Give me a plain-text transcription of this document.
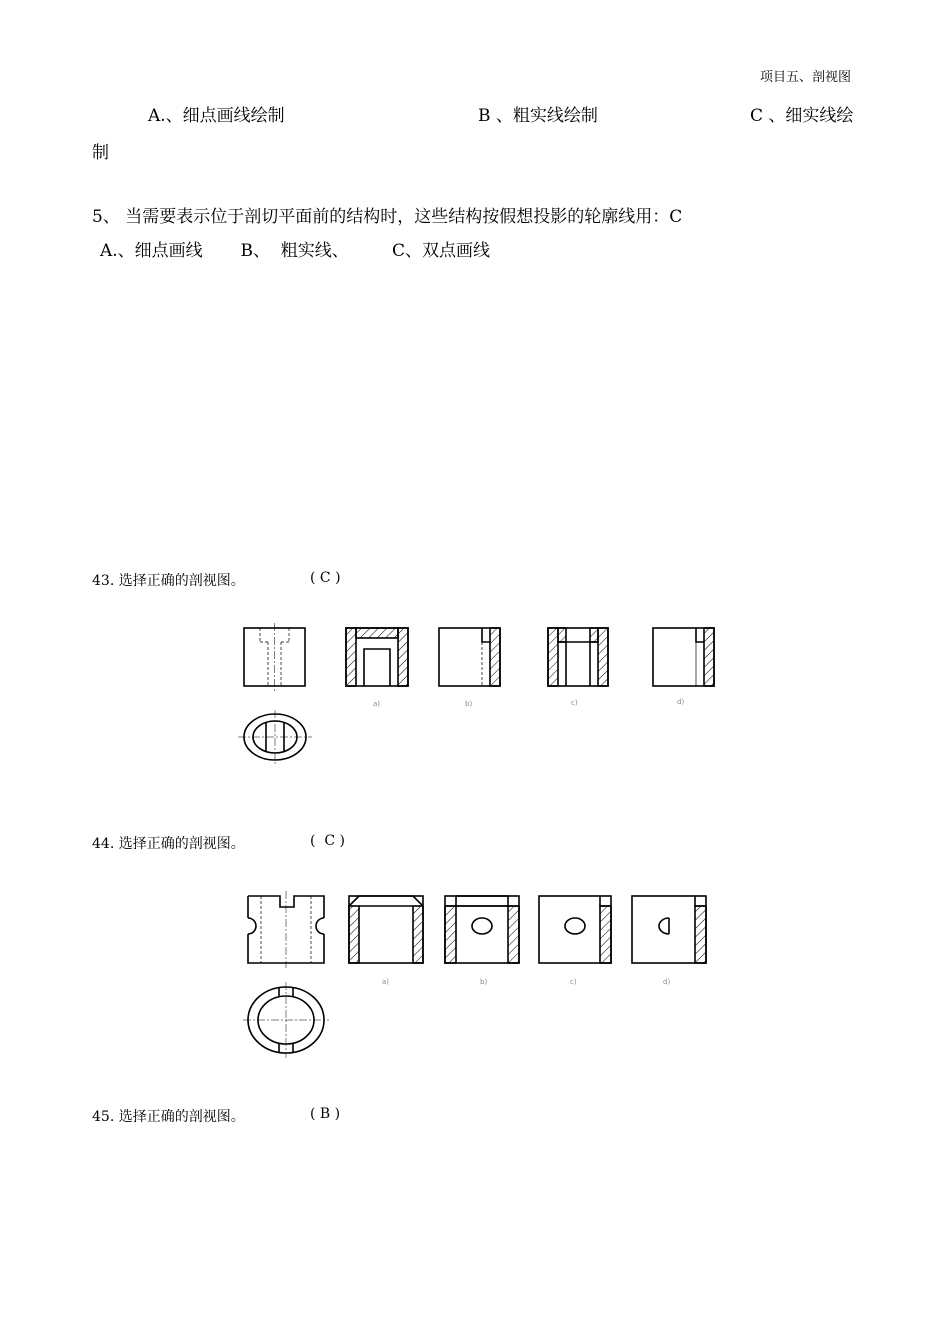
项目五、剖视图
A.、细点画线绘制	B 、粗实线绘制	C 、细实线绘
制
5、 当需要表示位于剖切平面前的结构时，这些结构按假想投影的轮廓线用：C
A.、细点画线       B、  粗实线、        C、双点画线
43. 选择正确的剖视图。	( C )
a)	b)	c)	d)
44. 选择正确的剖视图。	(  C )
a)	b)	c)	d)
45. 选择正确的剖视图。	( B )
